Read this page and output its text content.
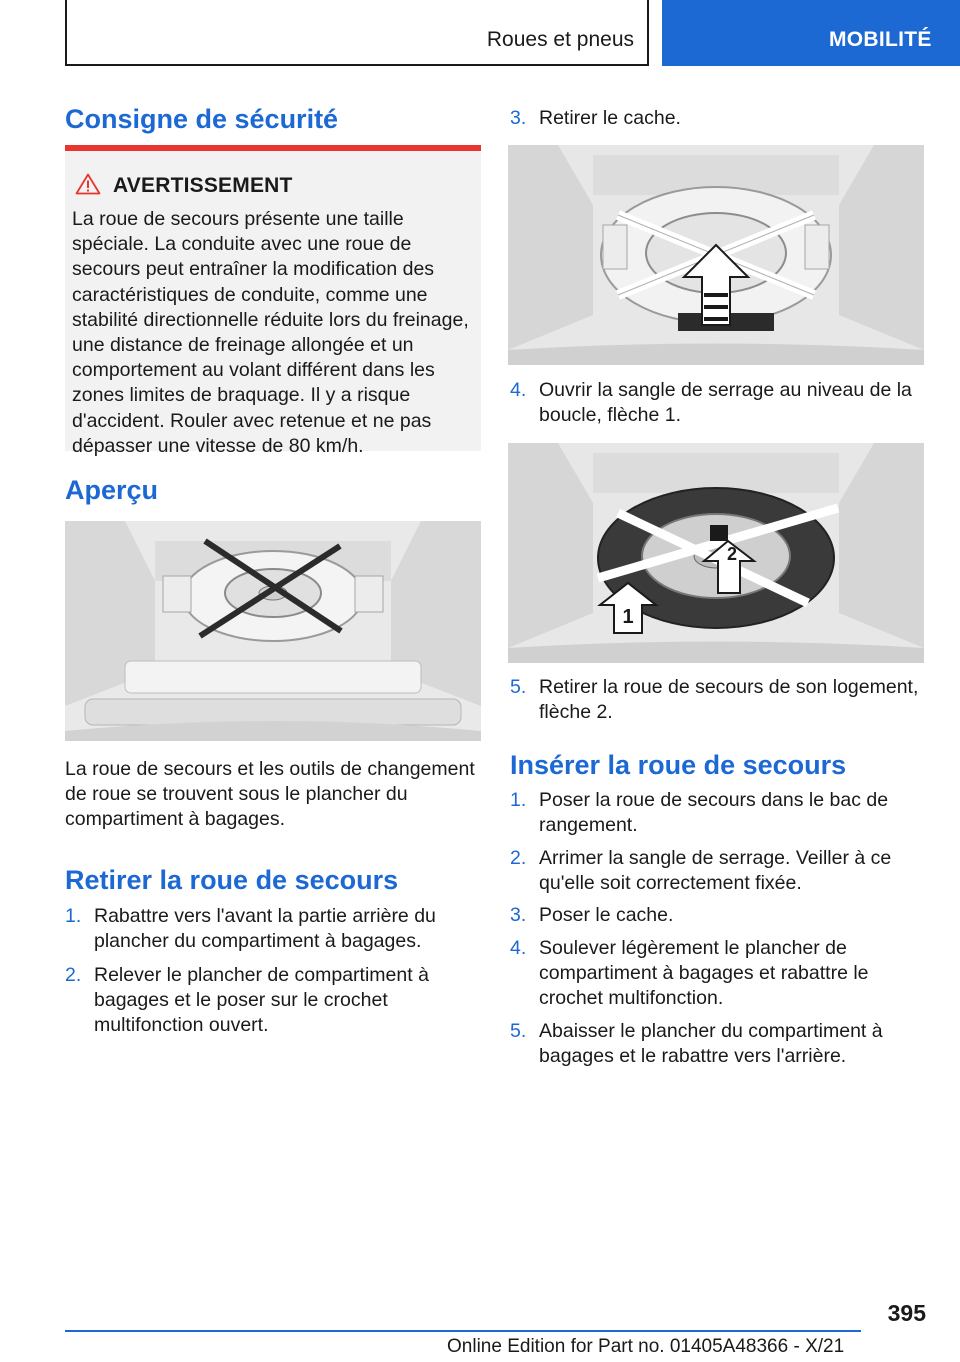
Roues et pneus	MOBILITÉ
Consigne de sécurité
AVERTISSEMENT
La roue de secours présente une taille spéciale. La conduite avec une roue de secours peut entraîner la modification des caractéristiques de conduite, comme une stabilité directionnelle réduite lors du freinage, une distance de freinage allongée et un comportement au volant différent dans les zones limites de braquage. Il y a risque d'accident. Rouler avec retenue et ne pas dépasser une vitesse de 80 km/h.
Aperçu
La roue de secours et les outils de changement de roue se trouvent sous le plancher du compartiment à bagages.
Retirer la roue de secours
1. Rabattre vers l'avant la partie arrière du plancher du compartiment à bagages.
2. Relever le plancher de compartiment à bagages et le poser sur le crochet multifonction ouvert.
3. Retirer le cache.
4. Ouvrir la sangle de serrage au niveau de la boucle, flèche 1.
2
1
5. Retirer la roue de secours de son logement, flèche 2.
Insérer la roue de secours
1. Poser la roue de secours dans le bac de rangement.
2. Arrimer la sangle de serrage. Veiller à ce qu'elle soit correctement fixée.
3. Poser le cache.
4. Soulever légèrement le plancher de compartiment à bagages et rabattre le crochet multifonction.
5. Abaisser le plancher du compartiment à bagages et le rabattre vers l'arrière.
395
Online Edition for Part no. 01405A48366 - X/21
